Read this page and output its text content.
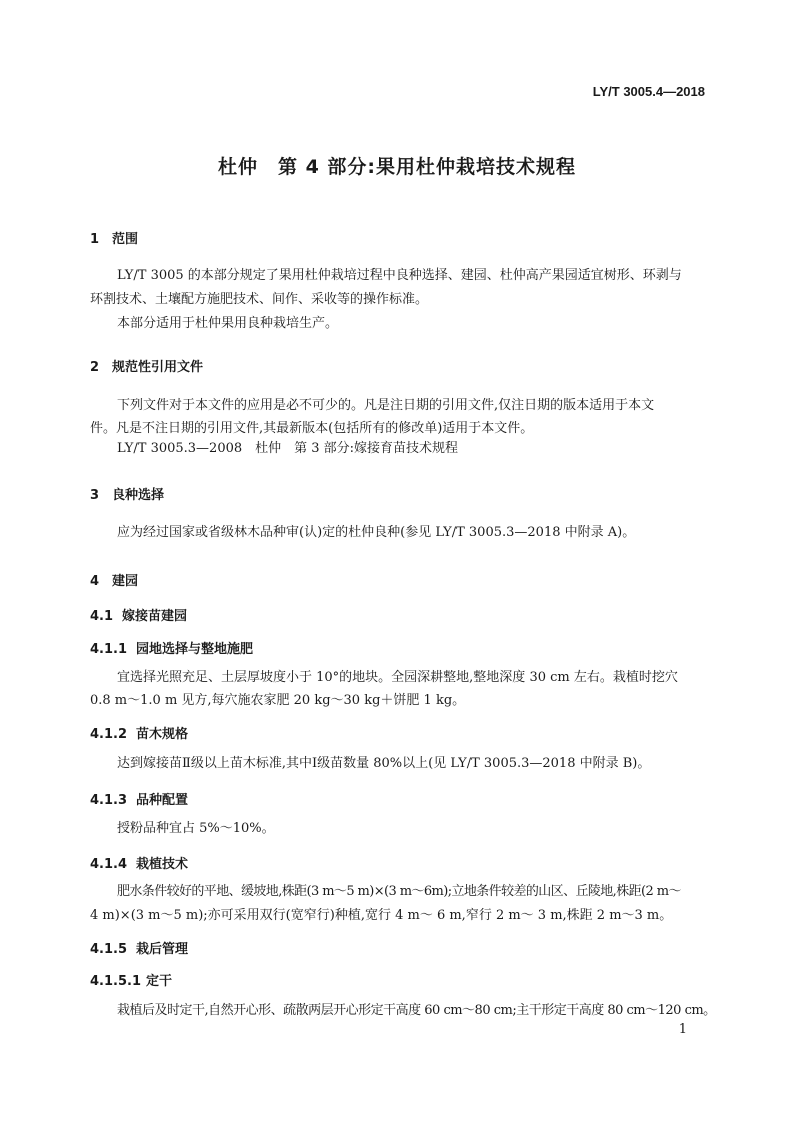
LY/T 3005.4—2018
杜仲　第 4 部分:果用杜仲栽培技术规程
1 范围
LY/T 3005 的本部分规定了果用杜仲栽培过程中良种选择、建园、杜仲高产果园适宜树形、环剥与
环割技术、土壤配方施肥技术、间作、采收等的操作标准。
本部分适用于杜仲果用良种栽培生产。
2 规范性引用文件
下列文件对于本文件的应用是必不可少的。凡是注日期的引用文件,仅注日期的版本适用于本文
件。凡是不注日期的引用文件,其最新版本(包括所有的修改单)适用于本文件。
LY/T 3005.3—2008　杜仲　第 3 部分:嫁接育苗技术规程
3 良种选择
应为经过国家或省级林木品种审(认)定的杜仲良种(参见 LY/T 3005.3—2018 中附录 A)。
4 建园
4.1 嫁接苗建园
4.1.1 园地选择与整地施肥
宜选择光照充足、土层厚坡度小于 10°的地块。全园深耕整地,整地深度 30 cm 左右。栽植时挖穴
0.8 m～1.0 m 见方,每穴施农家肥 20 kg～30 kg＋饼肥 1 kg。
4.1.2 苗木规格
达到嫁接苗Ⅱ级以上苗木标准,其中Ⅰ级苗数量 80%以上(见 LY/T 3005.3—2018 中附录 B)。
4.1.3 品种配置
授粉品种宜占 5%～10%。
4.1.4 栽植技术
肥水条件较好的平地、缓坡地,株距(3 m～5 m)×(3 m～6m);立地条件较差的山区、丘陵地,株距(2 m～
4 m)×(3 m～5 m);亦可采用双行(宽窄行)种植,宽行 4 m～ 6 m,窄行 2 m～ 3 m,株距 2 m～3 m。
4.1.5 栽后管理
4.1.5.1 定干
栽植后及时定干,自然开心形、疏散两层开心形定干高度 60 cm～80 cm;主干形定干高度 80 cm～120 cm。
1
